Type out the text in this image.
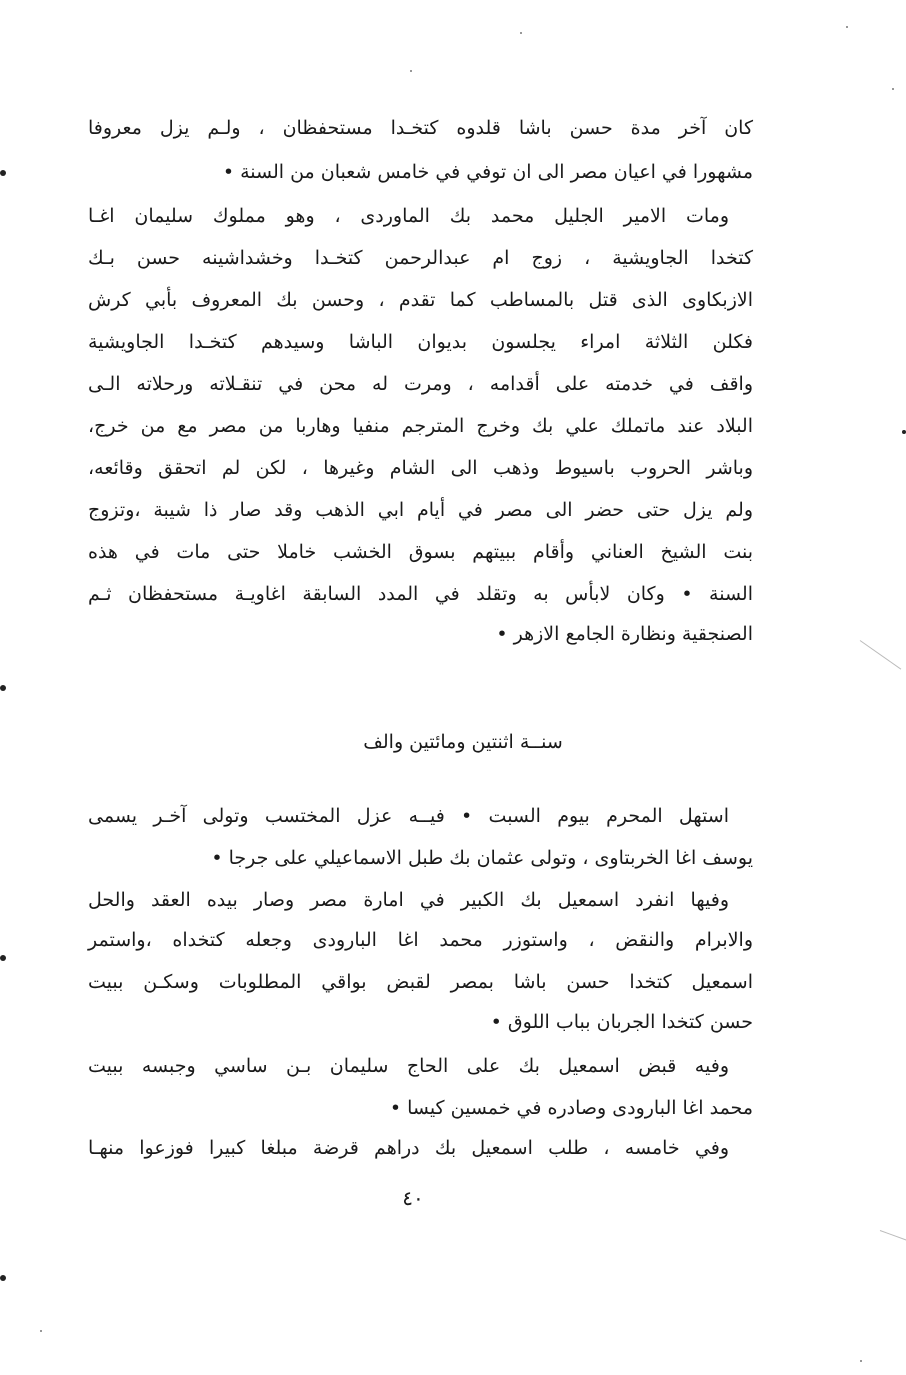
كان آخر مدة حسن باشا قلدوه كتخـدا مستحفظان ، ولـم يزل معروفا
مشهورا في اعيان مصر الى ان توفي في خامس شعبان من السنة •
ومات الامير الجليل محمد بك الماوردى ، وهو مملوك سليمان اغـا
كتخدا الجاويشية ، زوج ام عبدالرحمن كتخـدا وخشداشينه حسن بـك
الازبكاوى الذى قتل بالمساطب كما تقدم ، وحسن بك المعروف بأبي كرش
فكلن الثلاثة امراء يجلسون بديوان الباشا وسيدهم كتخـدا الجاويشية
واقف في خدمته على أقدامه ، ومرت له محن في تنقـلاته ورحلاته الـى
البلاد عند ماتملك علي بك وخرج المترجم منفيا وهاربا من مصر مع من خرج،
وباشر الحروب باسيوط وذهب الى الشام وغيرها ، لكن لم اتحقق وقائعه،
ولم يزل حتى حضر الى مصر في أيام ابي الذهب وقد صار ذا شيبة ،وتزوج
بنت الشيخ العناني وأقام ببيتهم بسوق الخشب خاملا حتى مات في هذه
السنة • وكان لابأس به وتقلد في المدد السابقة اغاويـة مستحفظان ثـم
الصنجقية ونظارة الجامع الازهر •
سنــة اثنتين ومائتين والف
استهل المحرم بيوم السبت • فيــه عزل المختسب وتولى آخـر يسمى
يوسف اغا الخربتاوى ، وتولى عثمان بك طبل الاسماعيلي على جرجا •
وفيها انفرد اسمعيل بك الكبير في امارة مصر وصار بيده العقد والحل
والابرام والنقض ، واستوزر محمد اغا البارودى وجعله كتخداه ،واستمر
اسمعيل كتخدا حسن باشا بمصر لقبض بواقي المطلوبات وسكـن ببيت
حسن كتخدا الجربان بباب اللوق •
وفيه قبض اسمعيل بك على الحاج سليمان بـن ساسي وجبسه ببيت
محمد اغا البارودى وصادره في خمسين كيسا •
وفي خامسه ، طلب اسمعيل بك دراهم قرضة مبلغا كبيرا فوزعوا منهـا
٤٠
